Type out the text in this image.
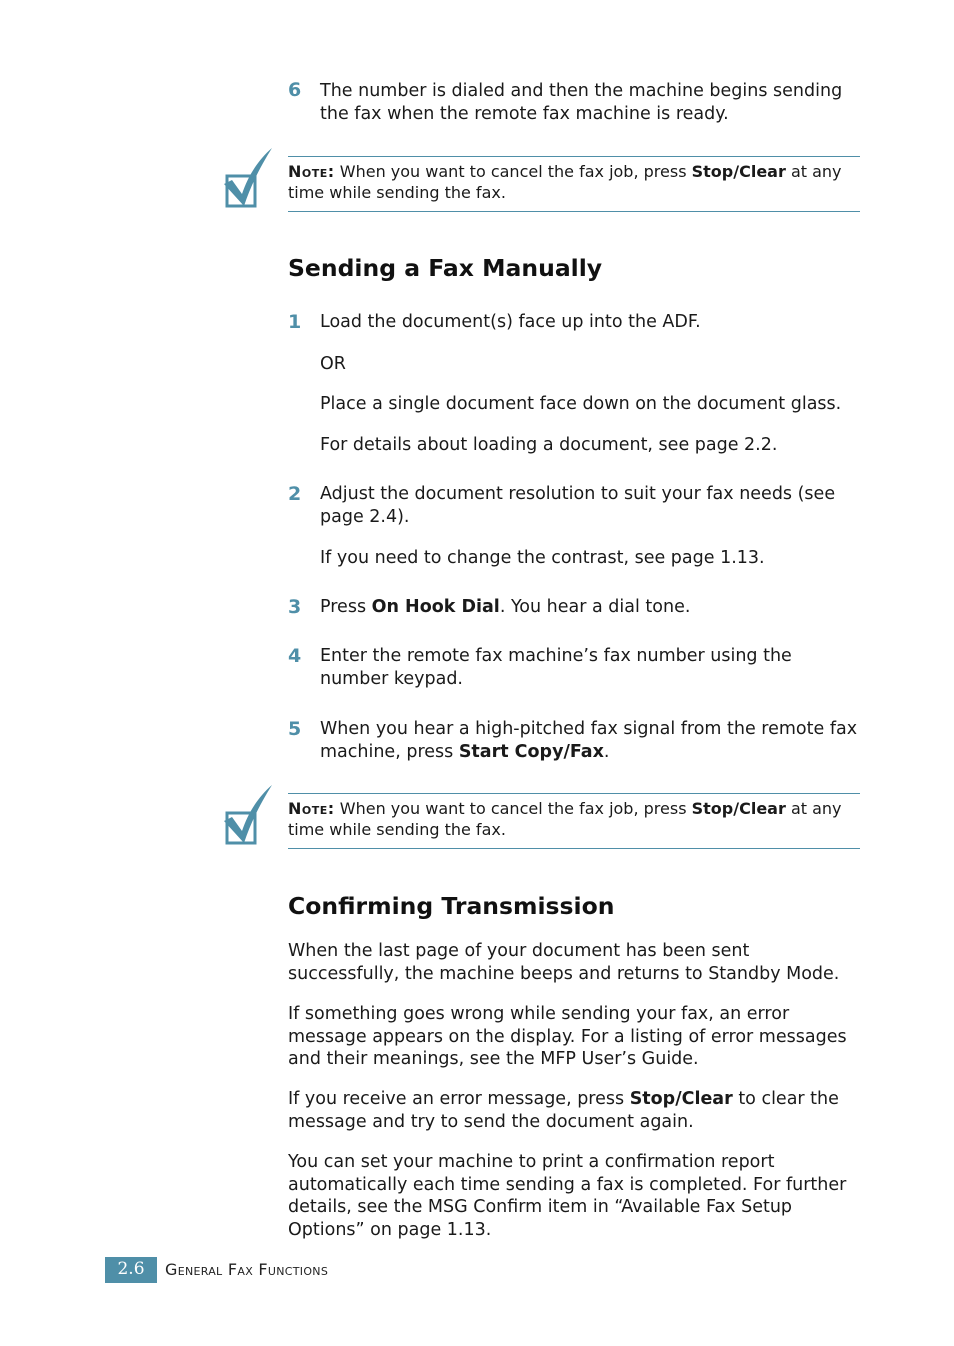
6	The number is dialed and then the machine begins sending the fax when the remote fax machine is ready.
Note: When you want to cancel the fax job, press Stop/Clear at any time while sending the fax.
Sending a Fax Manually
1	Load the document(s) face up into the ADF.
OR
Place a single document face down on the document glass.
For details about loading a document, see page 2.2.
2	Adjust the document resolution to suit your fax needs (see page 2.4).
If you need to change the contrast, see page 1.13.
3	Press On Hook Dial. You hear a dial tone.
4	Enter the remote fax machine’s fax number using the number keypad.
5	When you hear a high-pitched fax signal from the remote fax machine, press Start Copy/Fax.
Note: When you want to cancel the fax job, press Stop/Clear at any time while sending the fax.
Confirming Transmission
When the last page of your document has been sent successfully, the machine beeps and returns to Standby Mode.
If something goes wrong while sending your fax, an error message appears on the display. For a listing of error messages and their meanings, see the MFP User’s Guide.
If you receive an error message, press Stop/Clear to clear the message and try to send the document again.
You can set your machine to print a confirmation report automatically each time sending a fax is completed. For further details, see the MSG Confirm item in “Available Fax Setup Options” on page 1.13.
2.6	General Fax Functions
